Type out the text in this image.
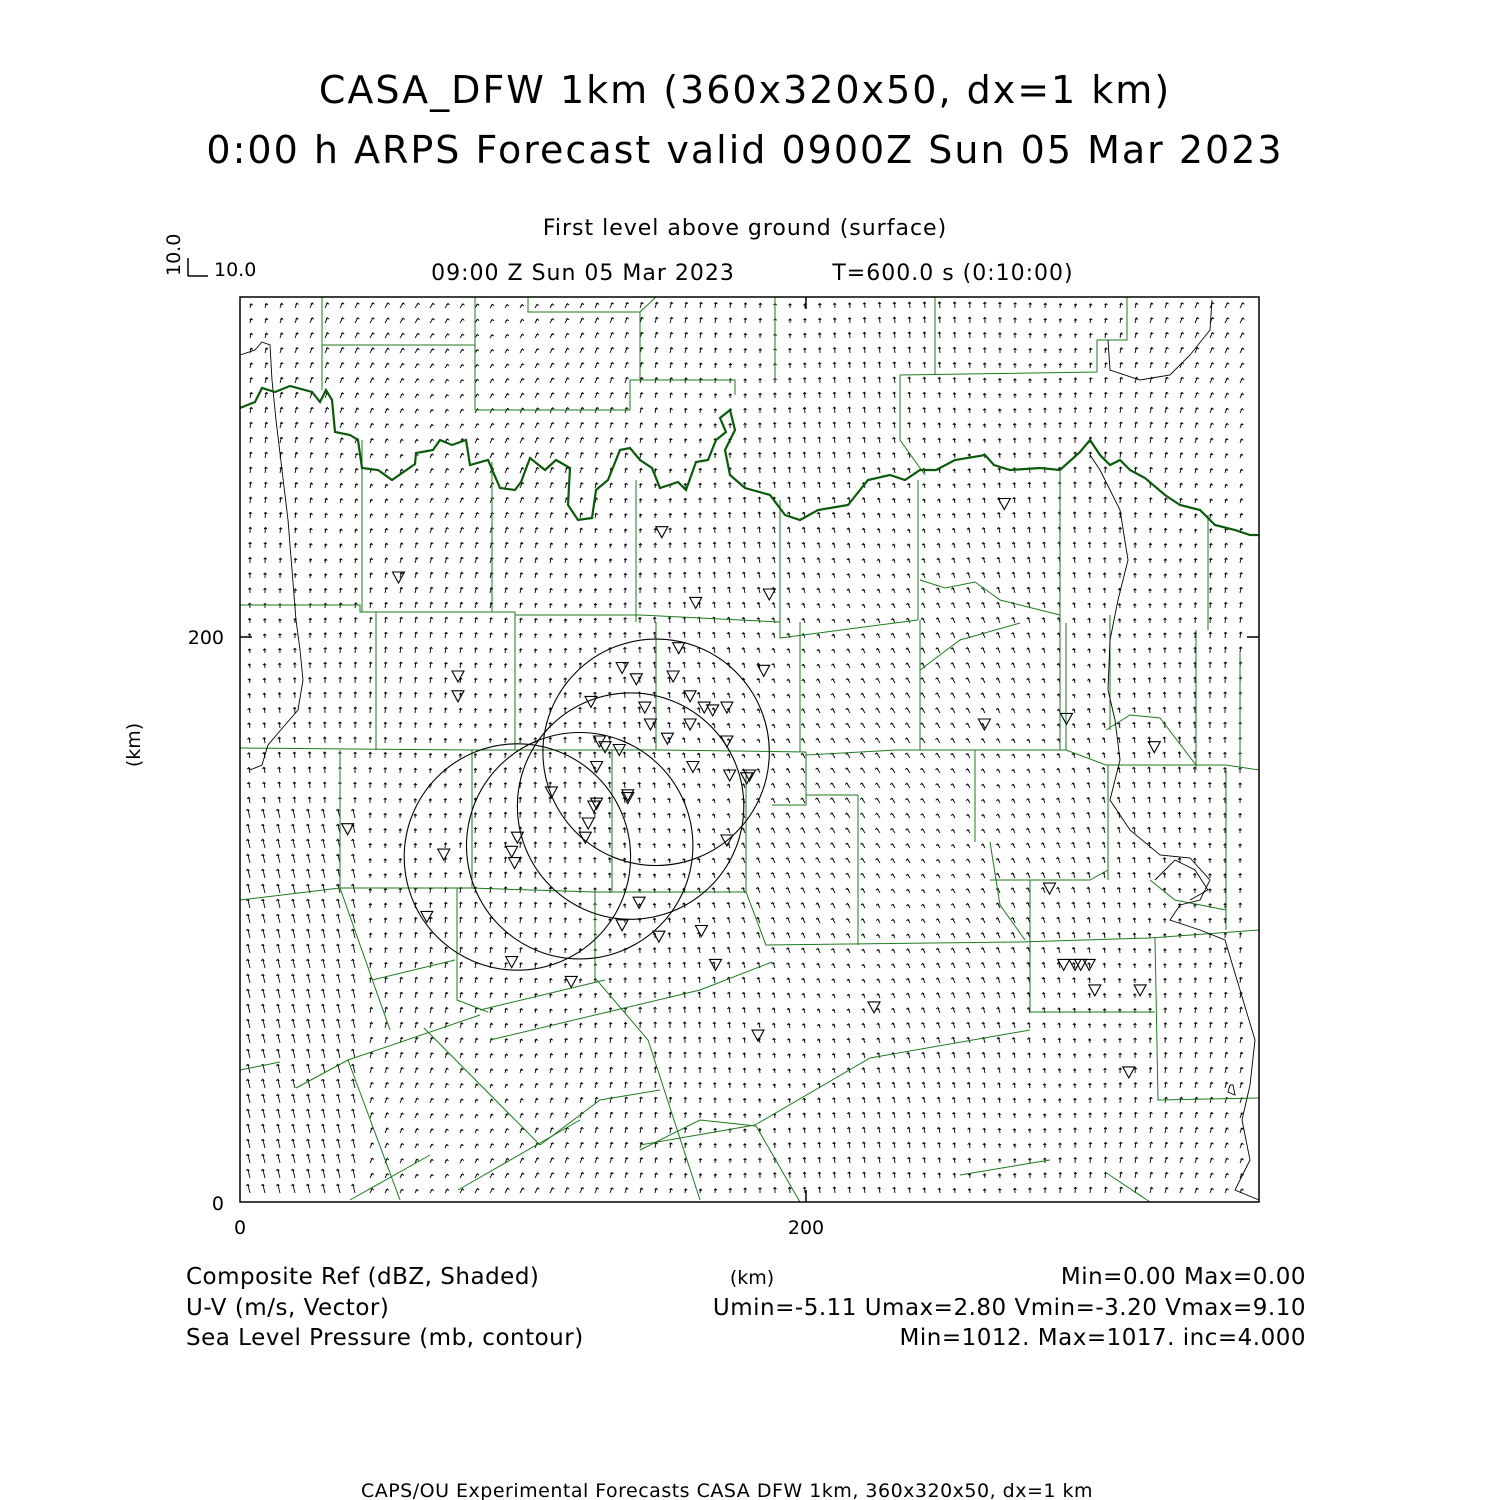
CASA_DFW 1km (360x320x50, dx=1 km)
0:00 h ARPS Forecast valid 0900Z Sun 05 Mar 2023
First level above ground (surface)
09:00 Z Sun 05 Mar 2023	T=600.0 s (0:10:00)
10.0
10.0
0
200
0	200
(km)
(km)
Composite Ref (dBZ, Shaded)	Min=0.00 Max=0.00
U-V (m/s, Vector)	Umin=-5.11 Umax=2.80 Vmin=-3.20 Vmax=9.10
Sea Level Pressure (mb, contour)	Min=1012. Max=1017. inc=4.000
CAPS/OU Experimental Forecasts CASA DFW 1km, 360x320x50, dx=1 km
